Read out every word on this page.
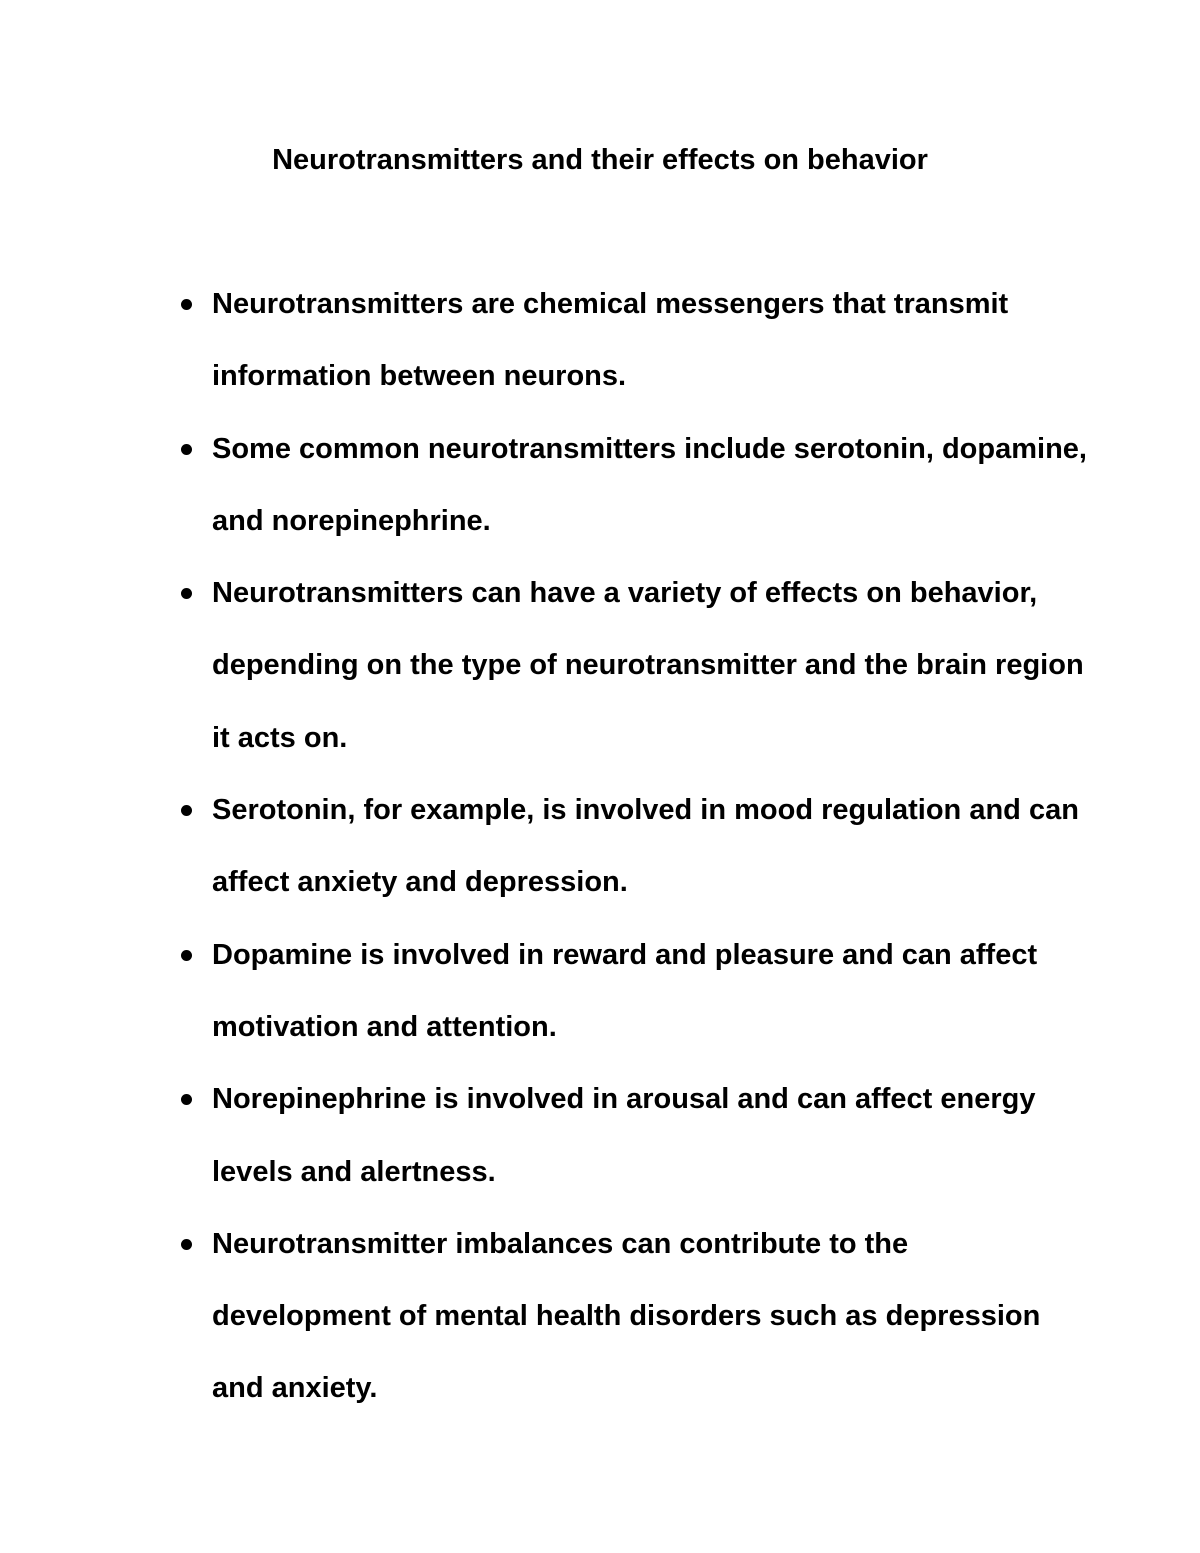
Neurotransmitters and their effects on behavior
Neurotransmitters are chemical messengers that transmit information between neurons.
Some common neurotransmitters include serotonin, dopamine, and norepinephrine.
Neurotransmitters can have a variety of effects on behavior, depending on the type of neurotransmitter and the brain region it acts on.
Serotonin, for example, is involved in mood regulation and can affect anxiety and depression.
Dopamine is involved in reward and pleasure and can affect motivation and attention.
Norepinephrine is involved in arousal and can affect energy levels and alertness.
Neurotransmitter imbalances can contribute to the development of mental health disorders such as depression and anxiety.
